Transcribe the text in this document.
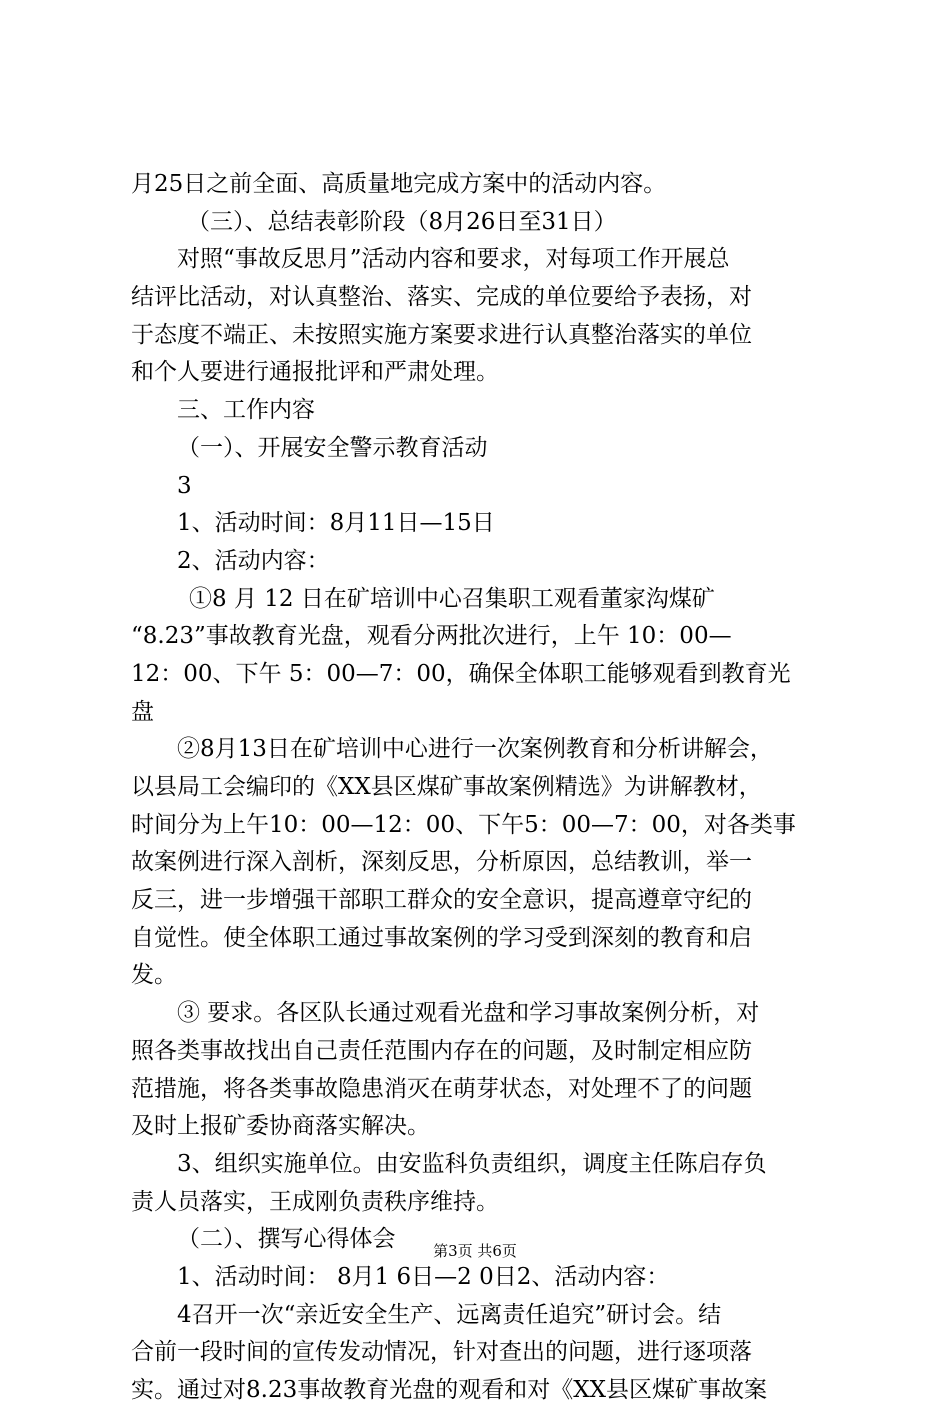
月25日之前全面、高质量地完成方案中的活动内容。
（三）、总结表彰阶段（8月26日至31日）
对照“事故反思月”活动内容和要求，对每项工作开展总
结评比活动，对认真整治、落实、完成的单位要给予表扬，对
于态度不端正、未按照实施方案要求进行认真整治落实的单位
和个人要进行通报批评和严肃处理。
三、工作内容
（一）、开展安全警示教育活动
3
1、活动时间：8月11日—15日
2、活动内容：
①8 月 12 日在矿培训中心召集职工观看董家沟煤矿
“8.23”事故教育光盘，观看分两批次进行，上午 10：00—
12：00、下午 5：00—7：00，确保全体职工能够观看到教育光
盘
②8月13日在矿培训中心进行一次案例教育和分析讲解会，
以县局工会编印的《XX县区煤矿事故案例精选》为讲解教材，
时间分为上午10：00—12：00、下午5：00—7：00，对各类事
故案例进行深入剖析，深刻反思，分析原因，总结教训，举一
反三，进一步增强干部职工群众的安全意识，提高遵章守纪的
自觉性。使全体职工通过事故案例的学习受到深刻的教育和启
发。
③ 要求。各区队长通过观看光盘和学习事故案例分析，对
照各类事故找出自己责任范围内存在的问题，及时制定相应防
范措施，将各类事故隐患消灭在萌芽状态，对处理不了的问题
及时上报矿委协商落实解决。
3、组织实施单位。由安监科负责组织，调度主任陈启存负
责人员落实，王成刚负责秩序维持。
（二）、撰写心得体会
1、活动时间： 8月1 6日—2 0日2、活动内容：
4召开一次“亲近安全生产、远离责任追究”研讨会。结
合前一段时间的宣传发动情况，针对查出的问题，进行逐项落
实。通过对8.23事故教育光盘的观看和对《XX县区煤矿事故案
第3页 共6页
